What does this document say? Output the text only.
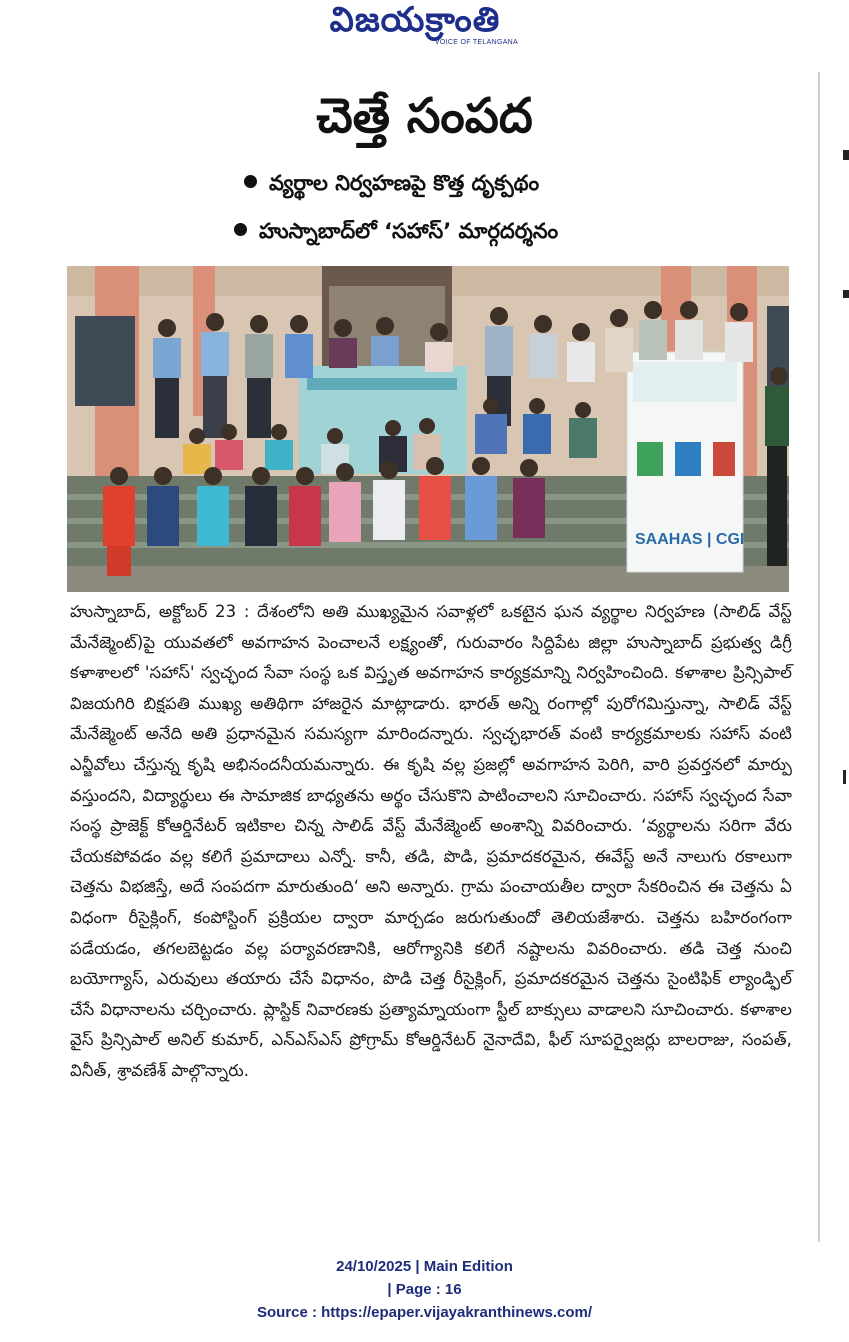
విజయక్రాంతి
VOICE OF TELANGANA
చెత్తే సంపద
వ్యర్థాల నిర్వహణపై కొత్త దృక్పథం
హుస్నాబాద్‌లో ‘సహాస్’ మార్గదర్శనం
SAAHAS | CGI
హుస్నాబాద్, అక్టోబర్ 23 : దేశంలోని అతి ముఖ్యమైన సవాళ్లలో ఒకటైన ఘన వ్యర్థాల నిర్వహణ (సాలిడ్ వేస్ట్ మేనేజ్మెంట్)పై యువతలో అవగాహన పెంచాలనే లక్ష్యంతో, గురువారం సిద్దిపేట జిల్లా హుస్నాబాద్ ప్రభుత్వ డిగ్రీ కళాశాలలో 'సహాస్' స్వచ్ఛంద సేవా సంస్థ ఒక విస్తృత అవగాహన కార్యక్రమాన్ని నిర్వహించింది. కళాశాల ప్రిన్సిపాల్ విజయగిరి బిక్షపతి ముఖ్య అతిథిగా హాజరైన మాట్లాడారు. భారత్ అన్ని రంగాల్లో పురోగమిస్తున్నా, సాలిడ్ వేస్ట్ మేనేజ్మెంట్ అనేది అతి ప్రధానమైన సమస్యగా మారిందన్నారు. స్వచ్ఛభారత్ వంటి కార్యక్రమాలకు సహాస్ వంటి ఎన్జీవోలు చేస్తున్న కృషి అభినందనీయమన్నారు. ఈ కృషి వల్ల ప్రజల్లో అవగాహన పెరిగి, వారి ప్రవర్తనలో మార్పు వస్తుందని, విద్యార్థులు ఈ సామాజిక బాధ్యతను అర్థం చేసుకొని పాటించాలని సూచించారు. సహాస్ స్వచ్ఛంద సేవా సంస్థ ప్రాజెక్ట్ కోఆర్డినేటర్ ఇటికాల చిన్న సాలిడ్ వేస్ట్ మేనేజ్మెంట్ అంశాన్ని వివరించారు. ‘వ్యర్థాలను సరిగా వేరు చేయకపోవడం వల్ల కలిగే ప్రమాదాలు ఎన్నో. కానీ, తడి, పొడి, ప్రమాదకరమైన, ఈవేస్ట్ అనే నాలుగు రకాలుగా చెత్తను విభజిస్తే, అదే సంపదగా మారుతుంది‘ అని అన్నారు. గ్రామ పంచాయతీల ద్వారా సేకరించిన ఈ చెత్తను ఏ విధంగా రీసైక్లింగ్, కంపోస్టింగ్ ప్రక్రియల ద్వారా మార్చడం జరుగుతుందో తెలియజేశారు. చెత్తను బహిరంగంగా పడేయడం, తగలబెట్టడం వల్ల పర్యావరణానికి, ఆరోగ్యానికి కలిగే నష్టాలను వివరించారు. తడి చెత్త నుంచి బయోగ్యాస్, ఎరువులు తయారు చేసే విధానం, పొడి చెత్త రీసైక్లింగ్, ప్రమాదకరమైన చెత్తను సైంటిఫిక్ ల్యాండ్ఫిల్ చేసే విధానాలను చర్చించారు. ప్లాస్టిక్ నివారణకు ప్రత్యామ్నాయంగా స్టీల్ బాక్సులు వాడాలని సూచించారు. కళాశాల వైస్ ప్రిన్సిపాల్ అనిల్ కుమార్, ఎన్ఎస్ఎస్ ప్రోగ్రామ్ కోఆర్డినేటర్ నైనాదేవి, ఫీల్ సూపర్వైజర్లు బాలరాజు, సంపత్, వినీత్, శ్రావణేశ్ పాల్గొన్నారు.
24/10/2025 | Main Edition
| Page : 16
Source : https://epaper.vijayakranthinews.com/
